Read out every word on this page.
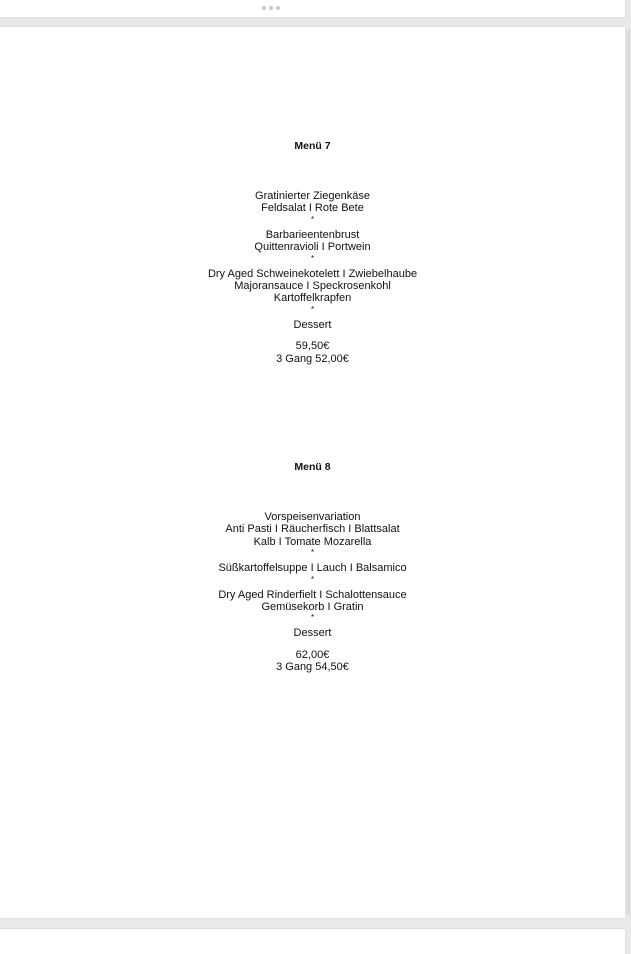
Menü 7
Gratinierter Ziegenkäse
Feldsalat I Rote Bete
*
Barbarieentenbrust
Quittenravioli I Portwein
*
Dry Aged Schweinekotelett I Zwiebelhaube
Majoransauce I Speckrosenkohl
Kartoffelkrapfen
*
Dessert
59,50€
3 Gang 52,00€
Menü 8
Vorspeisenvariation
Anti Pasti I Räucherfisch I Blattsalat
Kalb I Tomate Mozarella
*
Süßkartoffelsuppe I Lauch I Balsamico
*
Dry Aged Rinderfielt I Schalottensauce
Gemüsekorb I Gratin
*
Dessert
62,00€
3 Gang 54,50€
